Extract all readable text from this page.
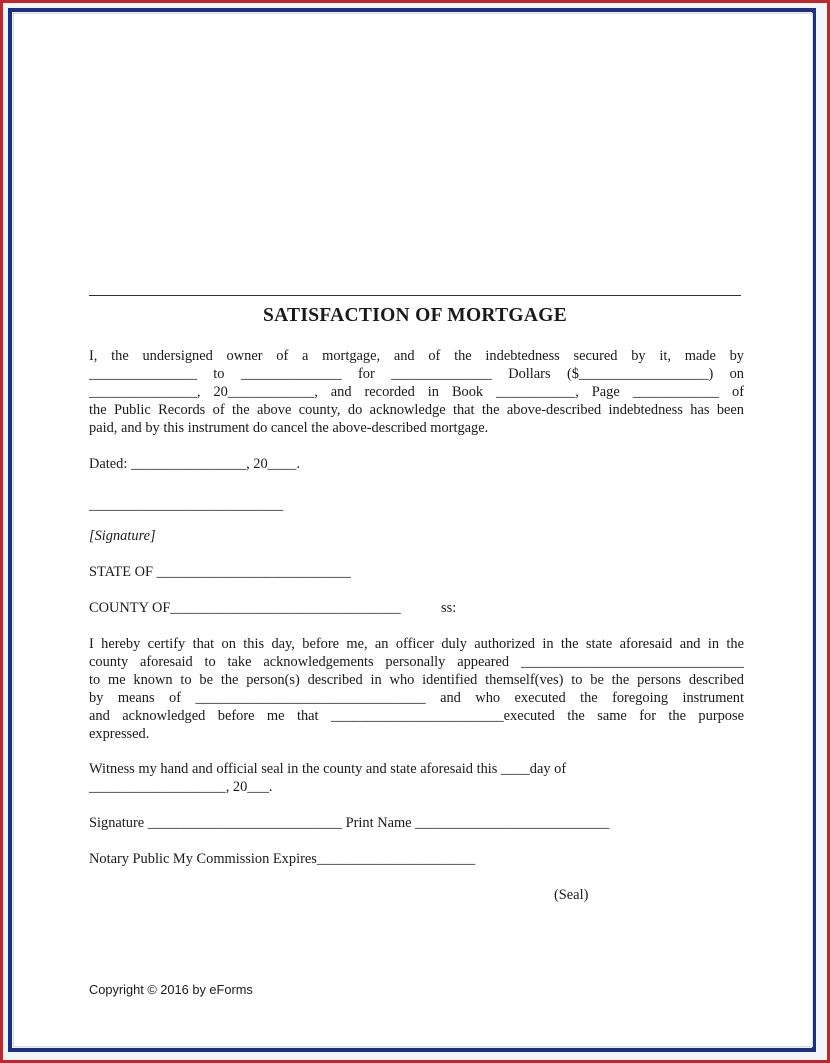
SATISFACTION OF MORTGAGE
I, the undersigned owner of a mortgage, and of the indebtedness secured by it, made by
_______________ to ______________ for ______________ Dollars ($__________________) on
_______________, 20____________, and recorded in Book ___________, Page ____________ of
the Public Records of the above county, do acknowledge that the above-described indebtedness has been
paid, and by this instrument do cancel the above-described mortgage.
Dated: ________________, 20____.
___________________________
[Signature]
STATE OF ___________________________
COUNTY OF________________________________	ss:
I hereby certify that on this day, before me, an officer duly authorized in the state aforesaid and in the
county aforesaid to take acknowledgements personally appeared _______________________________
to me known to be the person(s) described in who identified themself(ves) to be the persons described
by means of ________________________________ and who executed the foregoing instrument
and acknowledged before me that ________________________executed the same for the purpose
expressed.
Witness my hand and official seal in the county and state aforesaid this ____day of
___________________, 20___.
Signature ___________________________ Print Name ___________________________
Notary Public My Commission Expires______________________
(Seal)
Copyright © 2016 by eForms
